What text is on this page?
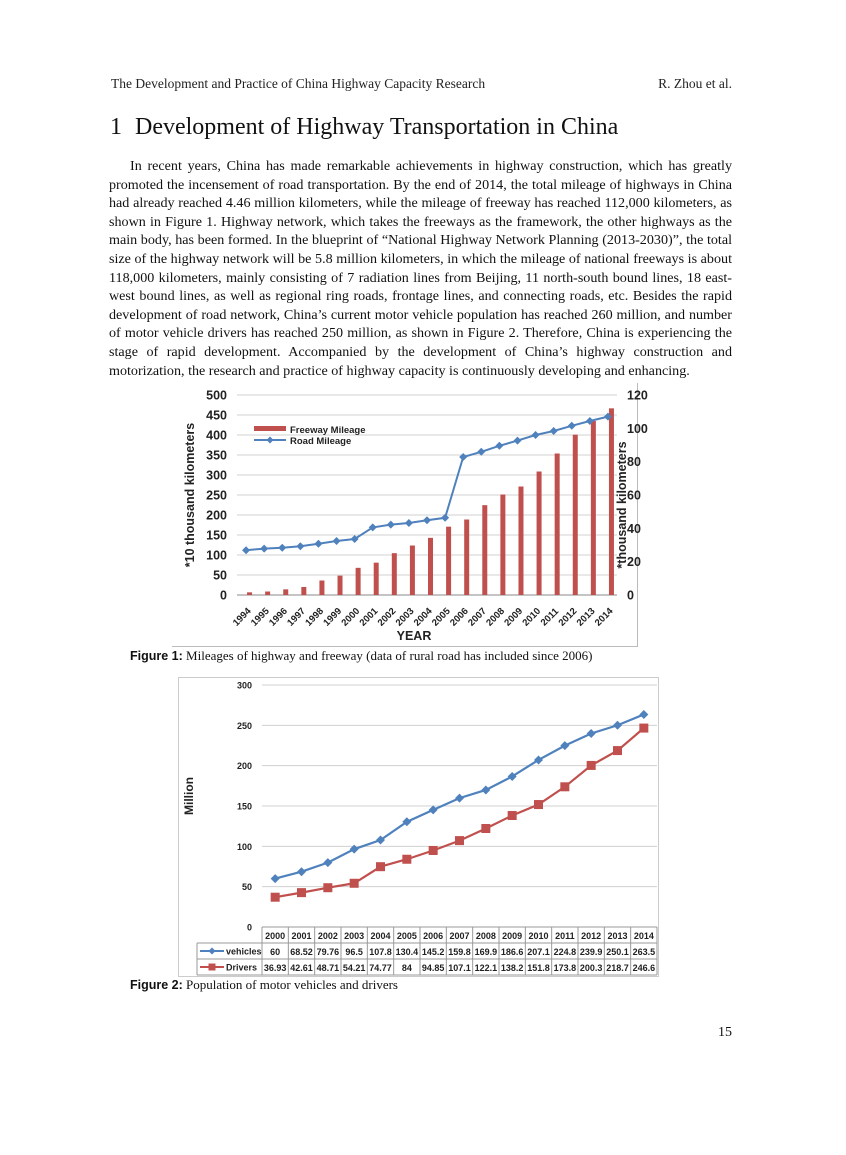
The Development and Practice of China Highway Capacity Research	R. Zhou et al.
1 Development of Highway Transportation in China

In recent years, China has made remarkable achievements in highway construction, which has greatly promoted the incensement of road transportation. By the end of 2014, the total mileage of highways in China had already reached 4.46 million kilometers, while the mileage of freeway has reached 112,000 kilometers, as shown in Figure 1. Highway network, which takes the freeways as the framework, the other highways as the main body, has been formed. In the blueprint of “National Highway Network Planning (2013-2030)”, the total size of the highway network will be 5.8 million kilometers, in which the mileage of national freeways is about 118,000 kilometers, mainly consisting of 7 radiation lines from Beijing, 11 north-south bound lines, 18 east-west bound lines, as well as regional ring roads, frontage lines, and connecting roads, etc. Besides the rapid development of road network, China’s current motor vehicle population has reached 260 million, and number of motor vehicle drivers has reached 250 million, as shown in Figure 2. Therefore, China is experiencing the stage of rapid development. Accompanied by the development of China’s highway construction and motorization, the research and practice of highway capacity is continuously developing and enhancing.

0
50
100
150
200
250
300
350
400
450
500
0
20
40
60
80
100
120
1994
1995
1996
1997
1998
1999
2000
2001
2002
2003
2004
2005
2006
2007
2008
2009
2010
2011
2012
2013
2014
YEAR
*10 thousand kilometers	*thousand kilometers
Freeway Mileage
Road Mileage
Figure 1: Mileages of highway and freeway (data of rural road has included since 2006)
0
50
100
150
200
250
300
Million
2000
60
36.93
2001
68.52
42.61
2002
79.76
48.71
2003
96.5
54.21
2004
107.8
74.77
2005
130.4
84
2006
145.2
94.85
2007
159.8
107.1
2008
169.9
122.1
2009
186.6
138.2
2010
207.1
151.8
2011
224.8
173.8
2012
239.9
200.3
2013
250.1
218.7
2014
263.5
246.6
vehicles
Drivers
Figure 2: Population of motor vehicles and drivers
15
